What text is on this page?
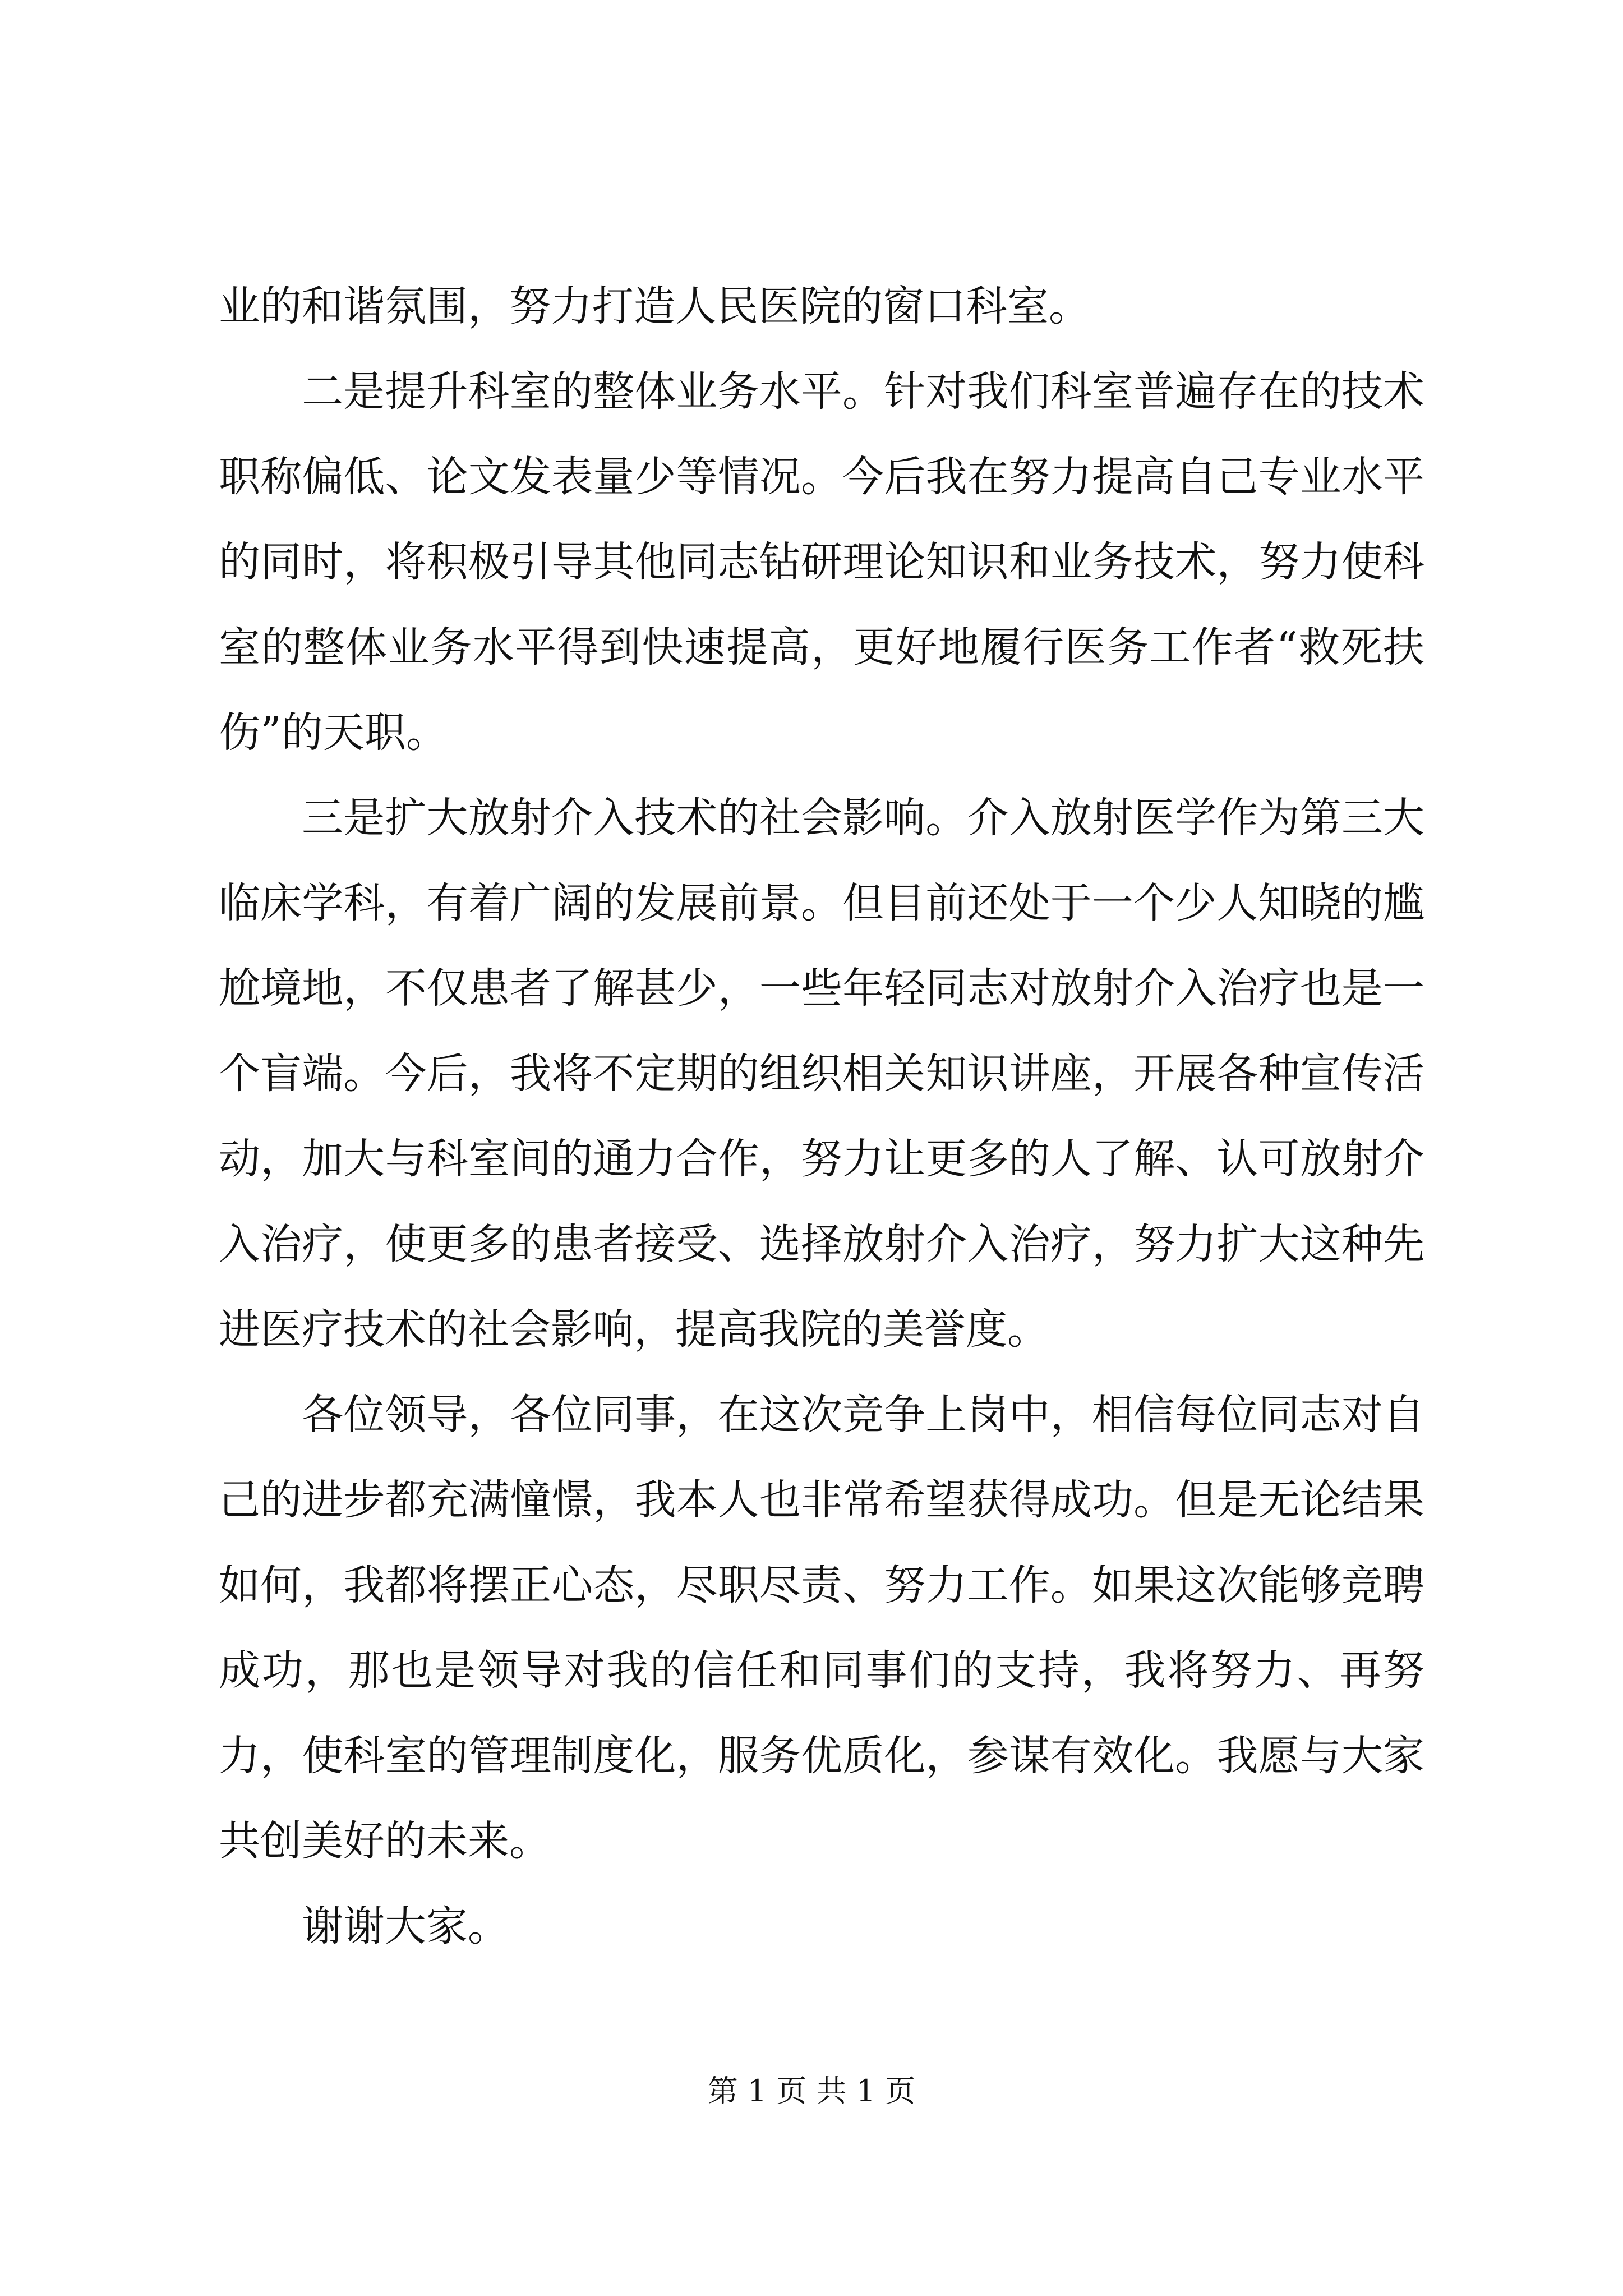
业的和谐氛围，努力打造人民医院的窗口科室。

二是提升科室的整体业务水平。针对我们科室普遍存在的技术职称偏低、论文发表量少等情况。今后我在努力提高自己专业水平的同时，将积极引导其他同志钻研理论知识和业务技术，努力使科室的整体业务水平得到快速提高，更好地履行医务工作者“救死扶伤”的天职。

三是扩大放射介入技术的社会影响。介入放射医学作为第三大临床学科，有着广阔的发展前景。但目前还处于一个少人知晓的尴尬境地，不仅患者了解甚少，一些年轻同志对放射介入治疗也是一个盲端。今后，我将不定期的组织相关知识讲座，开展各种宣传活动，加大与科室间的通力合作，努力让更多的人了解、认可放射介入治疗，使更多的患者接受、选择放射介入治疗，努力扩大这种先进医疗技术的社会影响，提高我院的美誉度。

各位领导，各位同事，在这次竞争上岗中，相信每位同志对自己的进步都充满憧憬，我本人也非常希望获得成功。但是无论结果如何，我都将摆正心态，尽职尽责、努力工作。如果这次能够竞聘成功，那也是领导对我的信任和同事们的支持，我将努力、再努力，使科室的管理制度化，服务优质化，参谋有效化。我愿与大家共创美好的未来。

谢谢大家。

第 1 页 共 1 页
